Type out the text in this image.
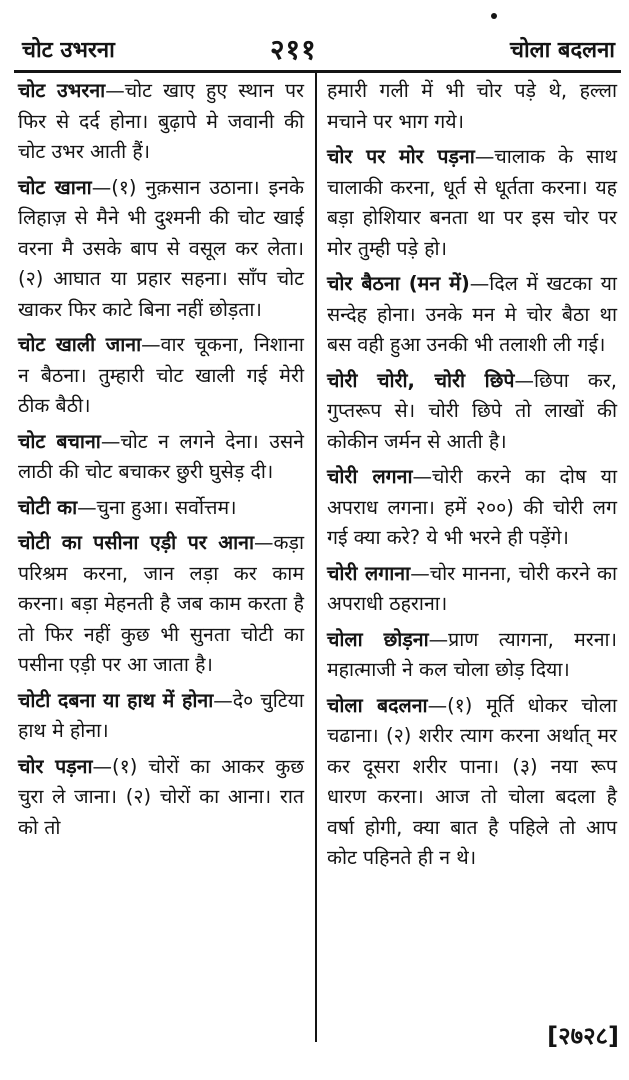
चोट उभरना	२११	चोला बदलना

चोट उभरना—चोट खाए हुए स्थान पर फिर से दर्द होना। बुढ़ापे मे जवानी की चोट उभर आती हैं।

चोट खाना—(१) नुक़सान उठाना। इनके लिहाज़ से मैने भी दुश्मनी की चोट खाई वरना मै उसके बाप से वसूल कर लेता। (२) आघात या प्रहार सहना। साँप चोट खाकर फिर काटे बिना नहीं छोड़ता।

चोट खाली जाना—वार चूकना, निशाना न बैठना। तुम्हारी चोट खाली गई मेरी ठीक बैठी।

चोट बचाना—चोट न लगने देना। उसने लाठी की चोट बचाकर छुरी घुसेड़ दी।

चोटी का—चुना हुआ। सर्वोत्तम।

चोटी का पसीना एड़ी पर आना—कड़ा परिश्रम करना, जान लड़ा कर काम करना। बड़ा मेहनती है जब काम करता है तो फिर नहीं कुछ भी सुनता चोटी का पसीना एड़ी पर आ जाता है।

चोटी दबना या हाथ में होना—दे० चुटिया हाथ मे होना।

चोर पड़ना—(१) चोरों का आकर कुछ चुरा ले जाना। (२) चोरों का आना। रात को तो

हमारी गली में भी चोर पड़े थे, हल्ला मचाने पर भाग गये।

चोर पर मोर पड़ना—चालाक के साथ चालाकी करना, धूर्त से धूर्तता करना। यह बड़ा होशियार बनता था पर इस चोर पर मोर तुम्ही पड़े हो।

चोर बैठना (मन में)—दिल में खटका या सन्देह होना। उनके मन मे चोर बैठा था बस वही हुआ उनकी भी तलाशी ली गई।

चोरी चोरी, चोरी छिपे—छिपा कर, गुप्तरूप से। चोरी छिपे तो लाखों की कोकीन जर्मन से आती है।

चोरी लगना—चोरी करने का दोष या अपराध लगना। हमें २००) की चोरी लग गई क्या करे? ये भी भरने ही पड़ेंगे।

चोरी लगाना—चोर मानना, चोरी करने का अपराधी ठहराना।

चोला छोड़ना—प्राण त्यागना, मरना। महात्माजी ने कल चोला छोड़ दिया।

चोला बदलना—(१) मूर्ति धोकर चोला चढाना। (२) शरीर त्याग करना अर्थात् मर कर दूसरा शरीर पाना। (३) नया रूप धारण करना। आज तो चोला बदला है वर्षा होगी, क्या बात है पहिले तो आप कोट पहिनते ही न थे।

[२७२८]
